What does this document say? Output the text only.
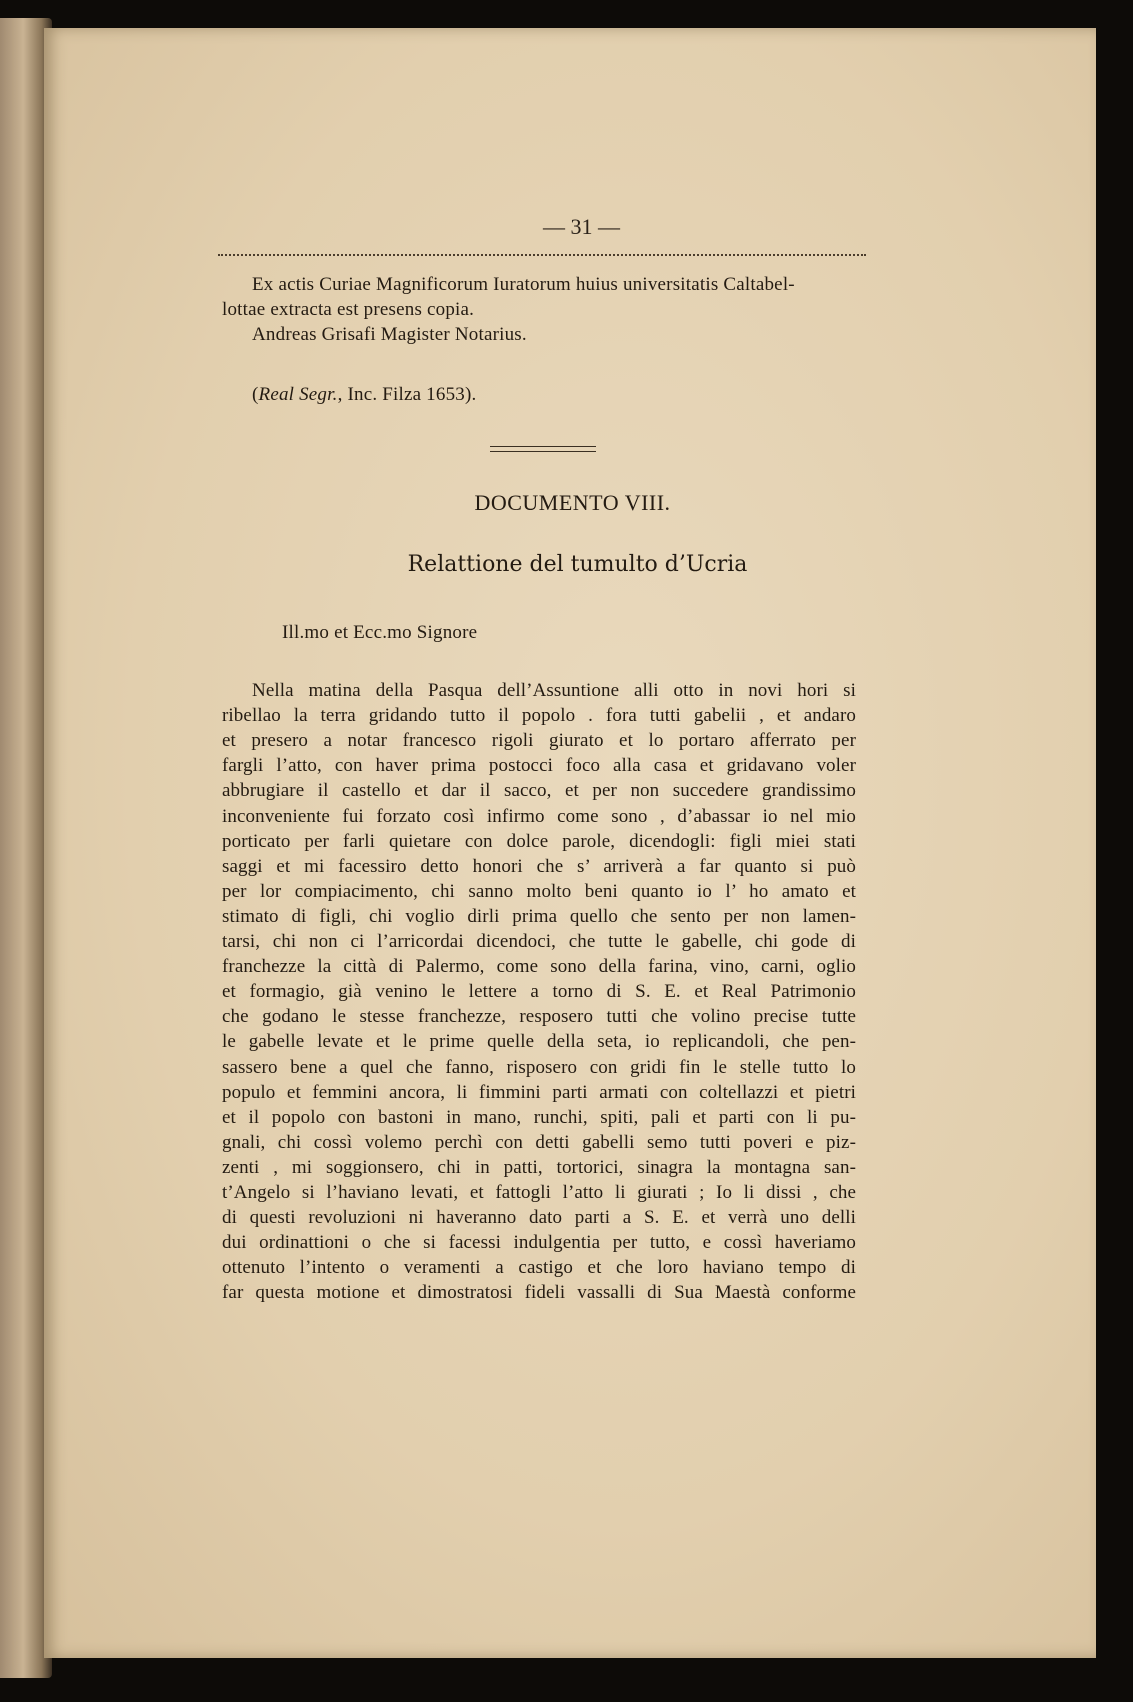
— 31 —
Ex actis Curiae Magnificorum Iuratorum huius universitatis Caltabel-
lottae extracta est presens copia.
Andreas Grisafi Magister Notarius.
(Real Segr., Inc. Filza 1653).
DOCUMENTO VIII.
Relattione del tumulto d’Ucria
Ill.mo et Ecc.mo Signore
Nella matina della Pasqua dell’Assuntione alli otto in novi hori si
ribellao la terra gridando tutto il popolo . fora tutti gabelii , et andaro
et presero a notar francesco rigoli giurato et lo portaro afferrato per
fargli l’atto, con haver prima postocci foco alla casa et gridavano voler
abbrugiare il castello et dar il sacco, et per non succedere grandissimo
inconveniente fui forzato così infirmo come sono , d’abassar io nel mio
porticato per farli quietare con dolce parole, dicendogli: figli miei stati
saggi et mi facessiro detto honori che s’ arriverà a far quanto si può
per lor compiacimento, chi sanno molto beni quanto io l’ ho amato et
stimato di figli, chi voglio dirli prima quello che sento per non lamen-
tarsi, chi non ci l’arricordai dicendoci, che tutte le gabelle, chi gode di
franchezze la città di Palermo, come sono della farina, vino, carni, oglio
et formagio, già venino le lettere a torno di S. E. et Real Patrimonio
che godano le stesse franchezze, resposero tutti che volino precise tutte
le gabelle levate et le prime quelle della seta, io replicandoli, che pen-
sassero bene a quel che fanno, risposero con gridi fin le stelle tutto lo
populo et femmini ancora, li fimmini parti armati con coltellazzi et pietri
et il popolo con bastoni in mano, runchi, spiti, pali et parti con li pu-
gnali, chi cossì volemo perchì con detti gabelli semo tutti poveri e piz-
zenti , mi soggionsero, chi in patti, tortorici, sinagra la montagna san-
t’Angelo si l’haviano levati, et fattogli l’atto li giurati ; Io li dissi , che
di questi revoluzioni ni haveranno dato parti a S. E. et verrà uno delli
dui ordinattioni o che si facessi indulgentia per tutto, e cossì haveriamo
ottenuto l’intento o veramenti a castigo et che loro haviano tempo di
far questa motione et dimostratosi fideli vassalli di Sua Maestà conforme
